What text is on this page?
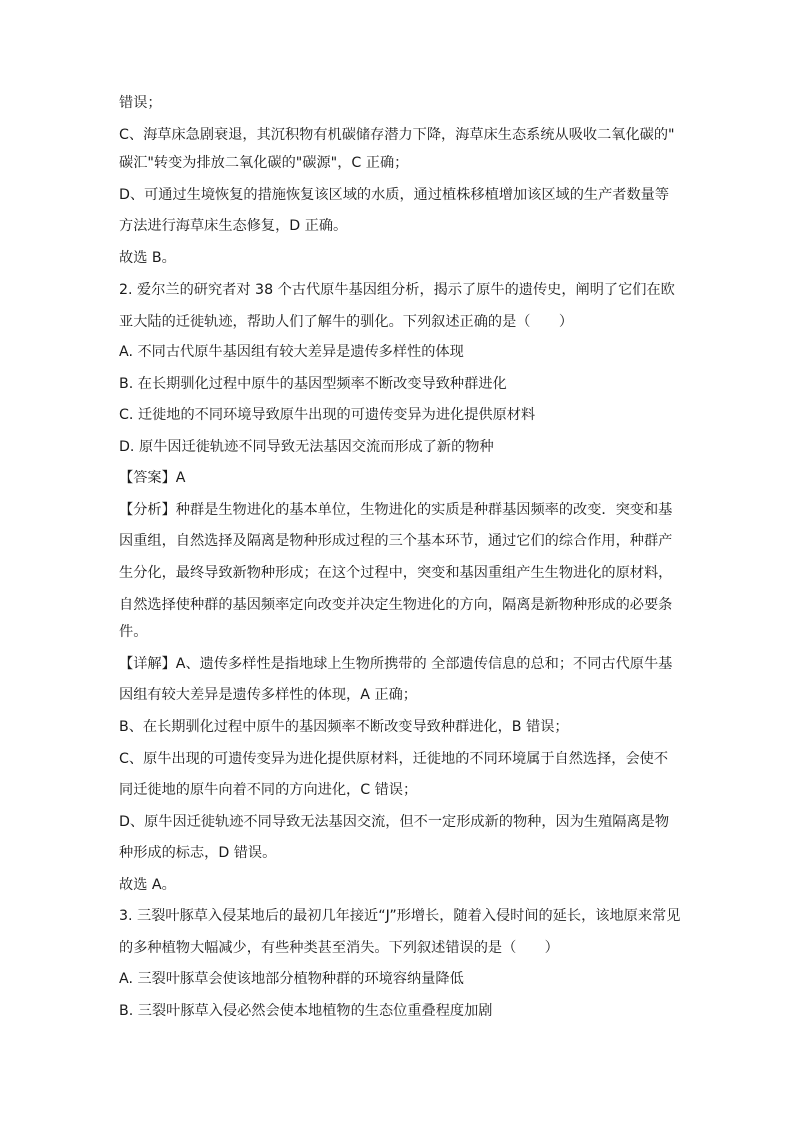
错误；
C、海草床急剧衰退，其沉积物有机碳储存潜力下降，海草床生态系统从吸收二氧化碳的"
碳汇"转变为排放二氧化碳的"碳源"，C 正确；
D、可通过生境恢复的措施恢复该区域的水质，通过植株移植增加该区域的生产者数量等
方法进行海草床生态修复，D 正确。
故选 B。
2. 爱尔兰的研究者对 38 个古代原牛基因组分析，揭示了原牛的遗传史，阐明了它们在欧
亚大陆的迁徙轨迹，帮助人们了解牛的驯化。下列叙述正确的是（　　）
A. 不同古代原牛基因组有较大差异是遗传多样性的体现
B. 在长期驯化过程中原牛的基因型频率不断改变导致种群进化
C. 迁徙地的不同环境导致原牛出现的可遗传变异为进化提供原材料
D. 原牛因迁徙轨迹不同导致无法基因交流而形成了新的物种
【答案】A
【分析】种群是生物进化的基本单位，生物进化的实质是种群基因频率的改变．突变和基
因重组，自然选择及隔离是物种形成过程的三个基本环节，通过它们的综合作用，种群产
生分化，最终导致新物种形成；在这个过程中，突变和基因重组产生生物进化的原材料，
自然选择使种群的基因频率定向改变并决定生物进化的方向，隔离是新物种形成的必要条
件。
【详解】A、遗传多样性是指地球上生物所携带的 全部遗传信息的总和；不同古代原牛基
因组有较大差异是遗传多样性的体现，A 正确；
B、在长期驯化过程中原牛的基因频率不断改变导致种群进化，B 错误；
C、原牛出现的可遗传变异为进化提供原材料，迁徙地的不同环境属于自然选择，会使不
同迁徙地的原牛向着不同的方向进化，C 错误；
D、原牛因迁徙轨迹不同导致无法基因交流，但不一定形成新的物种，因为生殖隔离是物
种形成的标志，D 错误。
故选 A。
3. 三裂叶豚草入侵某地后的最初几年接近“J”形增长，随着入侵时间的延长，该地原来常见
的多种植物大幅减少，有些种类甚至消失。下列叙述错误的是（　　）
A. 三裂叶豚草会使该地部分植物种群的环境容纳量降低
B. 三裂叶豚草入侵必然会使本地植物的生态位重叠程度加剧
